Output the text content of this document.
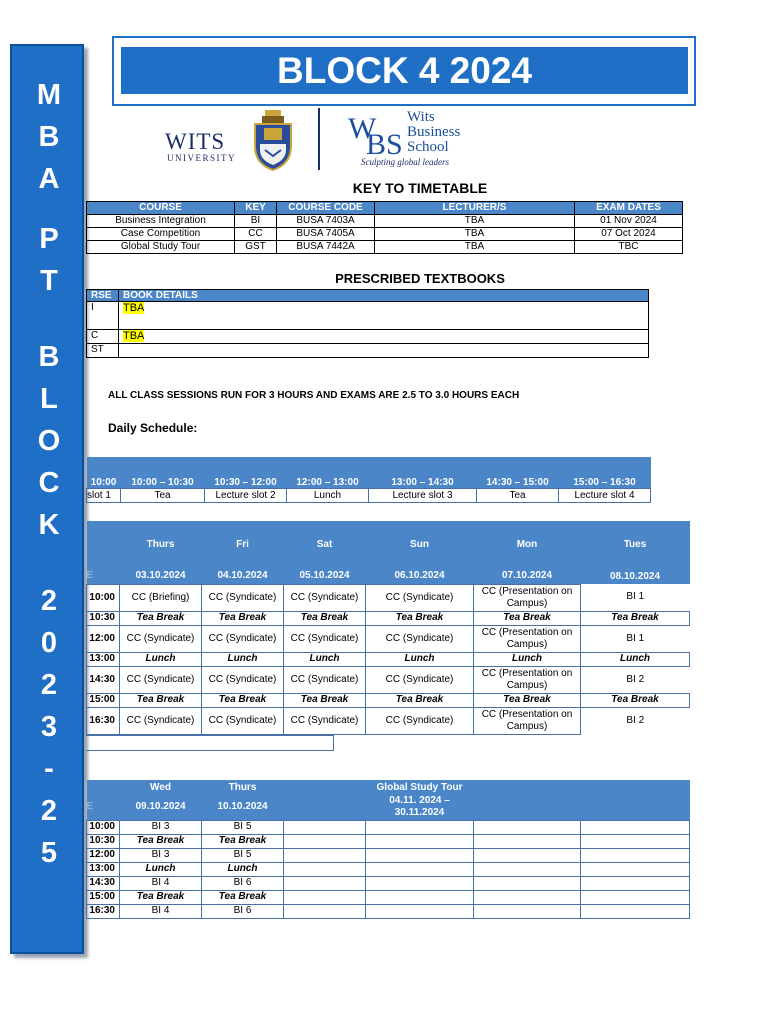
M
B
A
P
T
B
L
O
C
K
2
0
2
3
-
2
5
BLOCK 4 2024
WITS
UNIVERSITY
W
BS
Wits
Business
School
Sculpting global leaders
KEY TO TIMETABLE
COURSE	KEY	COURSE CODE	LECTURER/S	EXAM DATES
Business Integration	BI	BUSA 7403A	TBA	01 Nov 2024
Case Competition	CC	BUSA 7405A	TBA	07 Oct 2024
Global Study Tour	GST	BUSA 7442A	TBA	TBC
PRESCRIBED TEXTBOOKS
RSE	BOOK DETAILS
I	TBA
C	TBA
ST	
ALL CLASS SESSIONS RUN FOR 3 HOURS AND EXAMS ARE 2.5 TO 3.0 HOURS EACH
Daily Schedule:
10:00	10:00 – 10:30	10:30 – 12:00	12:00 – 13:00	13:00 – 14:30	14:30 – 15:00	15:00 – 16:30
slot 1	Tea	Lecture slot 2	Lunch	Lecture slot 3	Tea	Lecture slot 4
	Thurs	Fri	Sat	Sun	Mon	Tues
E	03.10.2024	04.10.2024	05.10.2024	06.10.2024	07.10.2024	08.10.2024
10:00	CC (Briefing)	CC (Syndicate)	CC (Syndicate)	CC (Syndicate)	CC (Presentation on Campus)	BI 1
10:30	Tea Break	Tea Break	Tea Break	Tea Break	Tea Break	Tea Break
12:00	CC (Syndicate)	CC (Syndicate)	CC (Syndicate)	CC (Syndicate)	CC (Presentation on Campus)	BI 1
13:00	Lunch	Lunch	Lunch	Lunch	Lunch	Lunch
14:30	CC (Syndicate)	CC (Syndicate)	CC (Syndicate)	CC (Syndicate)	CC (Presentation on Campus)	BI 2
15:00	Tea Break	Tea Break	Tea Break	Tea Break	Tea Break	Tea Break
16:30	CC (Syndicate)	CC (Syndicate)	CC (Syndicate)	CC (Syndicate)	CC (Presentation on Campus)	BI 2
	Wed	Thurs		Global Study Tour		
E	09.10.2024	10.10.2024		04.11. 2024 – 30.11.2024		
10:00	BI 3	BI 5				
10:30	Tea Break	Tea Break				
12:00	BI 3	BI 5				
13:00	Lunch	Lunch				
14:30	BI 4	BI 6				
15:00	Tea Break	Tea Break				
16:30	BI 4	BI 6				
